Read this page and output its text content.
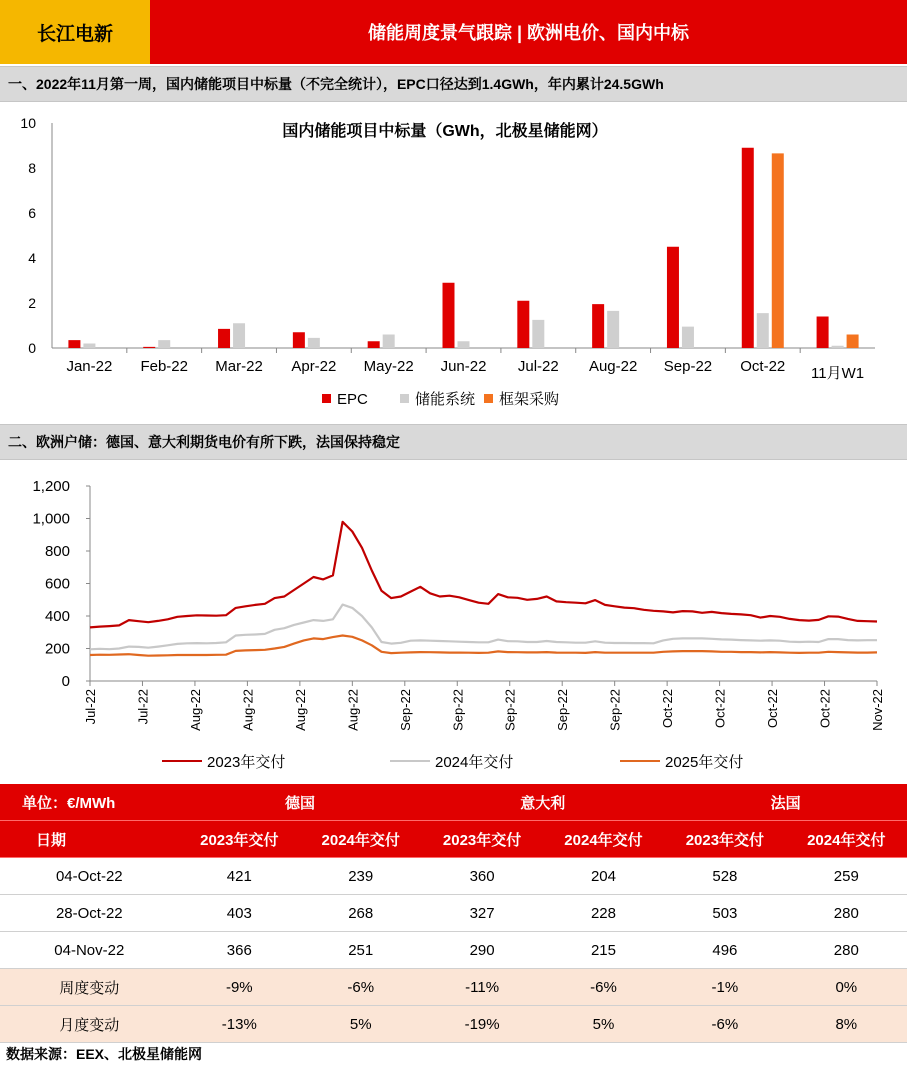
长江电新	储能周度景气跟踪 | 欧洲电价、国内中标
一、2022年11月第一周，国内储能项目中标量（不完全统计），EPC口径达到1.4GWh，年内累计24.5GWh
0
2
4
6
8
10
Jan-22 Feb-22 Mar-22 Apr-22 May-22 Jun-22 Jul-22 Aug-22 Sep-22 Oct-22 11月W1
国内储能项目中标量（GWh，北极星储能网）
EPC	储能系统 框架采购
二、欧洲户储：德国、意大利期货电价有所下跌，法国保持稳定
0
200
400
600
800
1,000
1,200
Jul-22	Jul-22	Aug-22	Aug-22	Aug-22	Aug-22	Sep-22	Sep-22	Sep-22	Sep-22	Sep-22	Oct-22	Oct-22	Oct-22	Oct-22	Nov-22
2023年交付	2024年交付	2025年交付
单位：€/MWh	德国		意大利		法国	
日期	2023年交付	2024年交付	2023年交付	2024年交付	2023年交付	2024年交付
04-Oct-22	421	239	360	204	528	259
28-Oct-22	403	268	327	228	503	280
04-Nov-22	366	251	290	215	496	280
周度变动	-9%	-6%	-11%	-6%	-1%	0%
月度变动	-13%	5%	-19%	5%	-6%	8%
数据来源：EEX、北极星储能网
